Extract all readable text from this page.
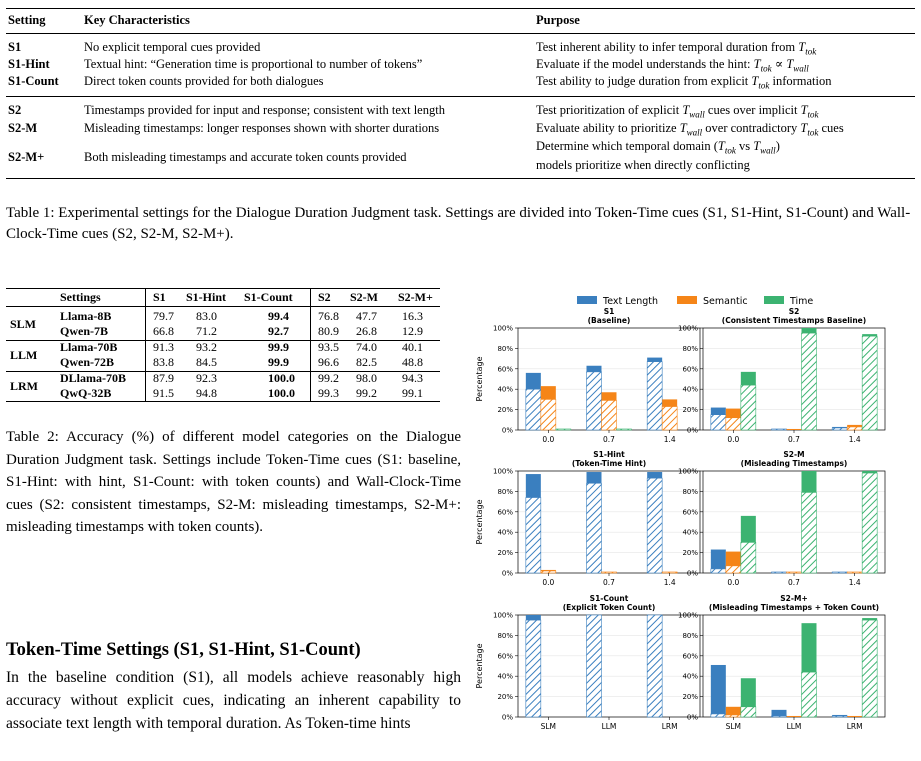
Setting	Key Characteristics	Purpose
S1	No explicit temporal cues provided	Test inherent ability to infer temporal duration from $T_{tok}$
S1-Hint	Textual hint: “Generation time is proportional to number of tokens”	Evaluate if the model understands the hint: $T_{tok} \propto T_{wall}$
S1-Count Direct token counts provided for both dialogues	Test ability to judge duration from explicit $T_{tok}$ information
S2	Timestamps provided for input and response; consistent with text length	Test prioritization of explicit $T_{wall}$ cues over implicit $T_{tok}$
S2-M	Misleading timestamps: longer responses shown with shorter durations	Evaluate ability to prioritize $T_{wall}$ over contradictory $T_{tok}$ cues
S2-M+	Both misleading timestamps and accurate token counts provided
Determine which temporal domain ($T_{tok}$ vs $T_{wall}$)
models prioritize when directly conflicting
Table 1: Experimental settings for the Dialogue Duration Judgment task. Settings are divided into Token-Time cues (S1, S1-Hint, S1-Count) and Wall-Clock-Time cues (S2, S2-M, S2-M+).
Settings	S1 S1-Hint S1-Count S2 S2-M S2-M+
SLM
Llama-8B	79.7 83.0	99.4 76.8 47.7 16.3
Qwen-7B	66.8 71.2	92.7 80.9 26.8 12.9
LLM
Llama-70B	91.3 93.2	99.9 93.5 74.0 40.1
Qwen-72B	83.8 84.5	99.9 96.6 82.5 48.8
LRM
DLlama-70B 87.9 92.3	100.0 99.2 98.0 94.3
QwQ-32B	91.5 94.8	100.0 99.3 99.2 99.1
Table 2: Accuracy (%) of different model categories on the Dialogue Duration Judgment task. Settings include Token-Time cues (S1: baseline, S1-Hint: with hint, S1-Count: with token counts) and Wall-Clock-Time cues (S2: consistent timestamps, S2-M: misleading timestamps, S2-M+: misleading timestamps with token counts).
Token-Time Settings (S1, S1-Hint, S1-Count)
In the baseline condition (S1), all models achieve reasonably high accuracy without explicit cues, indicating an inherent capability to associate text length with temporal duration. As Token-time hints
Text Length	Semantic	Time
S1
(Baseline)
0%
20%
40%
60%
80%
100%
Percentage
0.0	0.7	1.4
S2
(Consistent Timestamps Baseline)
0%
20%
40%
60%
80%
100%
0.0	0.7	1.4
S1-Hint
(Token-Time Hint)
0%
20%
40%
60%
80%
100%
Percentage
0.0	0.7	1.4
S2-M
(Misleading Timestamps)
0%
20%
40%
60%
80%
100%
0.0	0.7	1.4
S1-Count
(Explicit Token Count)
0%
20%
40%
60%
80%
100%
Percentage
SLM	LLM	LRM
S2-M+
(Misleading Timestamps + Token Count)
0%
20%
40%
60%
80%
100%
SLM	LLM	LRM
